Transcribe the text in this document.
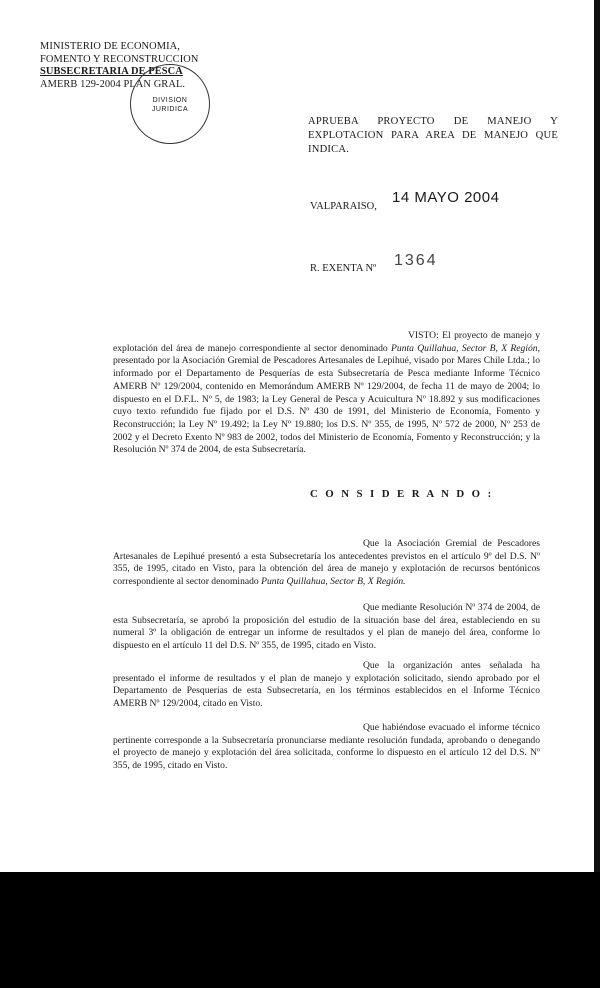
MINISTERIO DE ECONOMIA,
FOMENTO Y RECONSTRUCCION
SUBSECRETARIA DE PESCA
AMERB 129-2004 PLAN GRAL.
DIVISION
JURIDICA
APRUEBA PROYECTO DE MANEJO Y EXPLOTACION PARA AREA DE MANEJO QUE INDICA.
VALPARAISO,
14 MAYO 2004
R. EXENTA Nº 1364

VISTO: El proyecto de manejo y explotación del área de manejo correspondiente al sector denominado Punta Quillahua, Sector B, X Región, presentado por la Asociación Gremial de Pescadores Artesanales de Lepihué, visado por Mares Chile Ltda.; lo informado por el Departamento de Pesquerías de esta Subsecretaría de Pesca mediante Informe Técnico AMERB Nº 129/2004, contenido en Memorándum AMERB Nº 129/2004, de fecha 11 de mayo de 2004; lo dispuesto en el D.F.L. Nº 5, de 1983; la Ley General de Pesca y Acuicultura Nº 18.892 y sus modificaciones cuyo texto refundido fue fijado por el D.S. Nº 430 de 1991, del Ministerio de Economía, Fomento y Reconstrucción; la Ley Nº 19.492; la Ley Nº 19.880; los D.S. Nº 355, de 1995, Nº 572 de 2000, Nº 253 de 2002 y el Decreto Exento Nº 983 de 2002, todos del Ministerio de Economía, Fomento y Reconstrucción; y la Resolución Nº 374 de 2004, de esta Subsecretaría.

C O N S I D E R A N D O :

Que la Asociación Gremial de Pescadores Artesanales de Lepihué presentó a esta Subsecretaría los antecedentes previstos en el artículo 9º del D.S. Nº 355, de 1995, citado en Visto, para la obtención del área de manejo y explotación de recursos bentónicos correspondiente al sector denominado Punta Quillahua, Sector B, X Región.

Que mediante Resolución Nº 374 de 2004, de esta Subsecretaría, se aprobó la proposición del estudio de la situación base del área, estableciendo en su numeral 3º la obligación de entregar un informe de resultados y el plan de manejo del área, conforme lo dispuesto en el artículo 11 del D.S. Nº 355, de 1995, citado en Visto.

Que la organización antes señalada ha presentado el informe de resultados y el plan de manejo y explotación solicitado, siendo aprobado por el Departamento de Pesquerías de esta Subsecretaría, en los términos establecidos en el Informe Técnico AMERB Nº 129/2004, citado en Visto.

Que habiéndose evacuado el informe técnico pertinente corresponde a la Subsecretaría pronunciarse mediante resolución fundada, aprobando o denegando el proyecto de manejo y explotación del área solicitada, conforme lo dispuesto en el artículo 12 del D.S. Nº 355, de 1995, citado en Visto.
